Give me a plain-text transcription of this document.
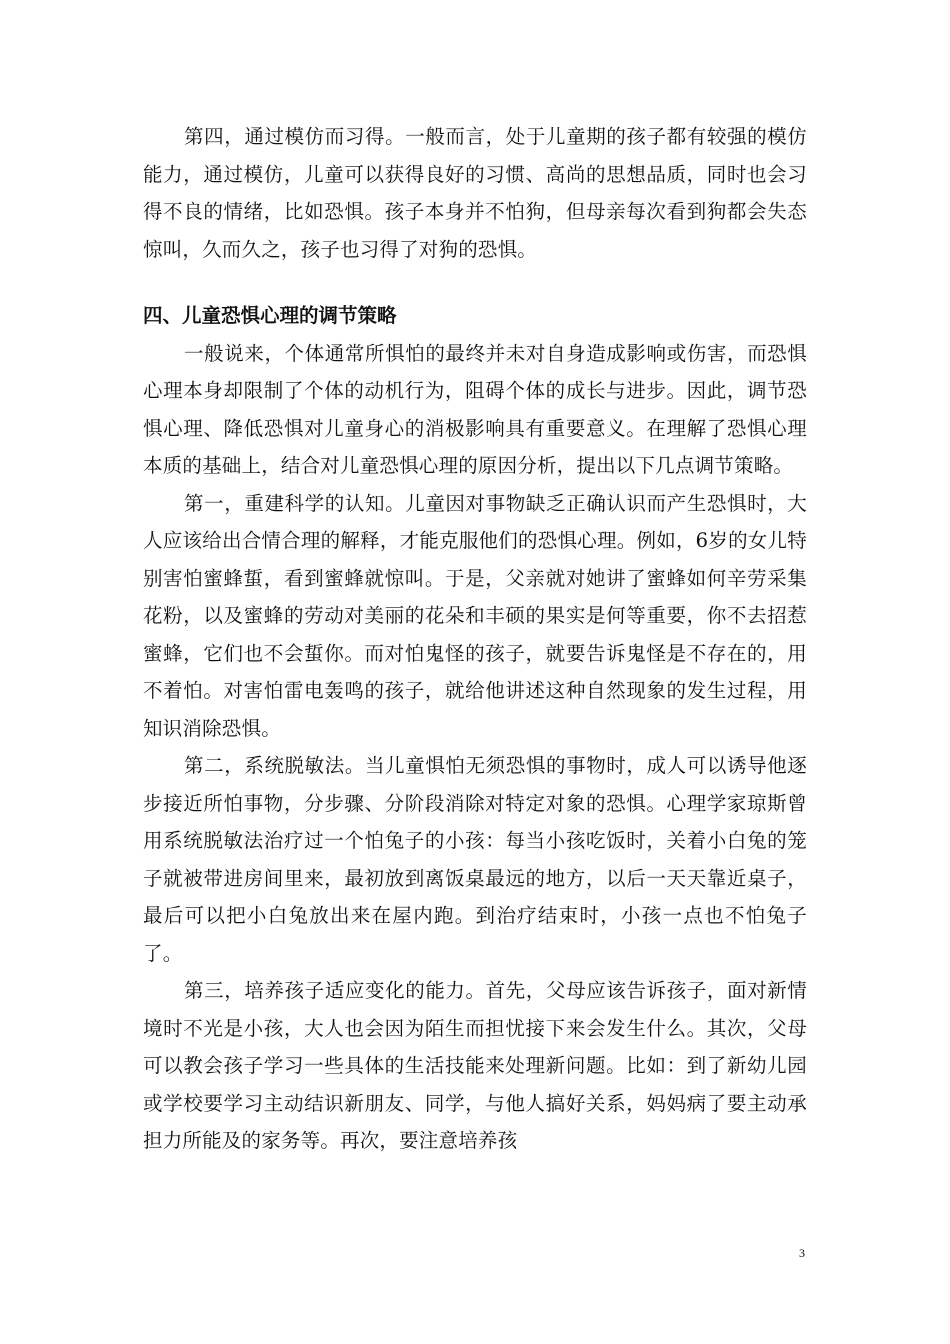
第四，通过模仿而习得。一般而言，处于儿童期的孩子都有较强的模仿能力，通过模仿，儿童可以获得良好的习惯、高尚的思想品质，同时也会习得不良的情绪，比如恐惧。孩子本身并不怕狗，但母亲每次看到狗都会失态惊叫，久而久之，孩子也习得了对狗的恐惧。

四、儿童恐惧心理的调节策略

一般说来，个体通常所惧怕的最终并未对自身造成影响或伤害，而恐惧心理本身却限制了个体的动机行为，阻碍个体的成长与进步。因此，调节恐惧心理、降低恐惧对儿童身心的消极影响具有重要意义。在理解了恐惧心理本质的基础上，结合对儿童恐惧心理的原因分析，提出以下几点调节策略。

第一，重建科学的认知。儿童因对事物缺乏正确认识而产生恐惧时，大人应该给出合情合理的解释，才能克服他们的恐惧心理。例如，6岁的女儿特别害怕蜜蜂蜇，看到蜜蜂就惊叫。于是，父亲就对她讲了蜜蜂如何辛劳采集花粉，以及蜜蜂的劳动对美丽的花朵和丰硕的果实是何等重要，你不去招惹蜜蜂，它们也不会蜇你。而对怕鬼怪的孩子，就要告诉鬼怪是不存在的，用不着怕。对害怕雷电轰鸣的孩子，就给他讲述这种自然现象的发生过程，用知识消除恐惧。

第二，系统脱敏法。当儿童惧怕无须恐惧的事物时，成人可以诱导他逐步接近所怕事物，分步骤、分阶段消除对特定对象的恐惧。心理学家琼斯曾用系统脱敏法治疗过一个怕兔子的小孩：每当小孩吃饭时，关着小白兔的笼子就被带进房间里来，最初放到离饭桌最远的地方，以后一天天靠近桌子，最后可以把小白兔放出来在屋内跑。到治疗结束时，小孩一点也不怕兔子了。

第三，培养孩子适应变化的能力。首先，父母应该告诉孩子，面对新情境时不光是小孩，大人也会因为陌生而担忧接下来会发生什么。其次，父母可以教会孩子学习一些具体的生活技能来处理新问题。比如：到了新幼儿园或学校要学习主动结识新朋友、同学，与他人搞好关系，妈妈病了要主动承担力所能及的家务等。再次，要注意培养孩

3
